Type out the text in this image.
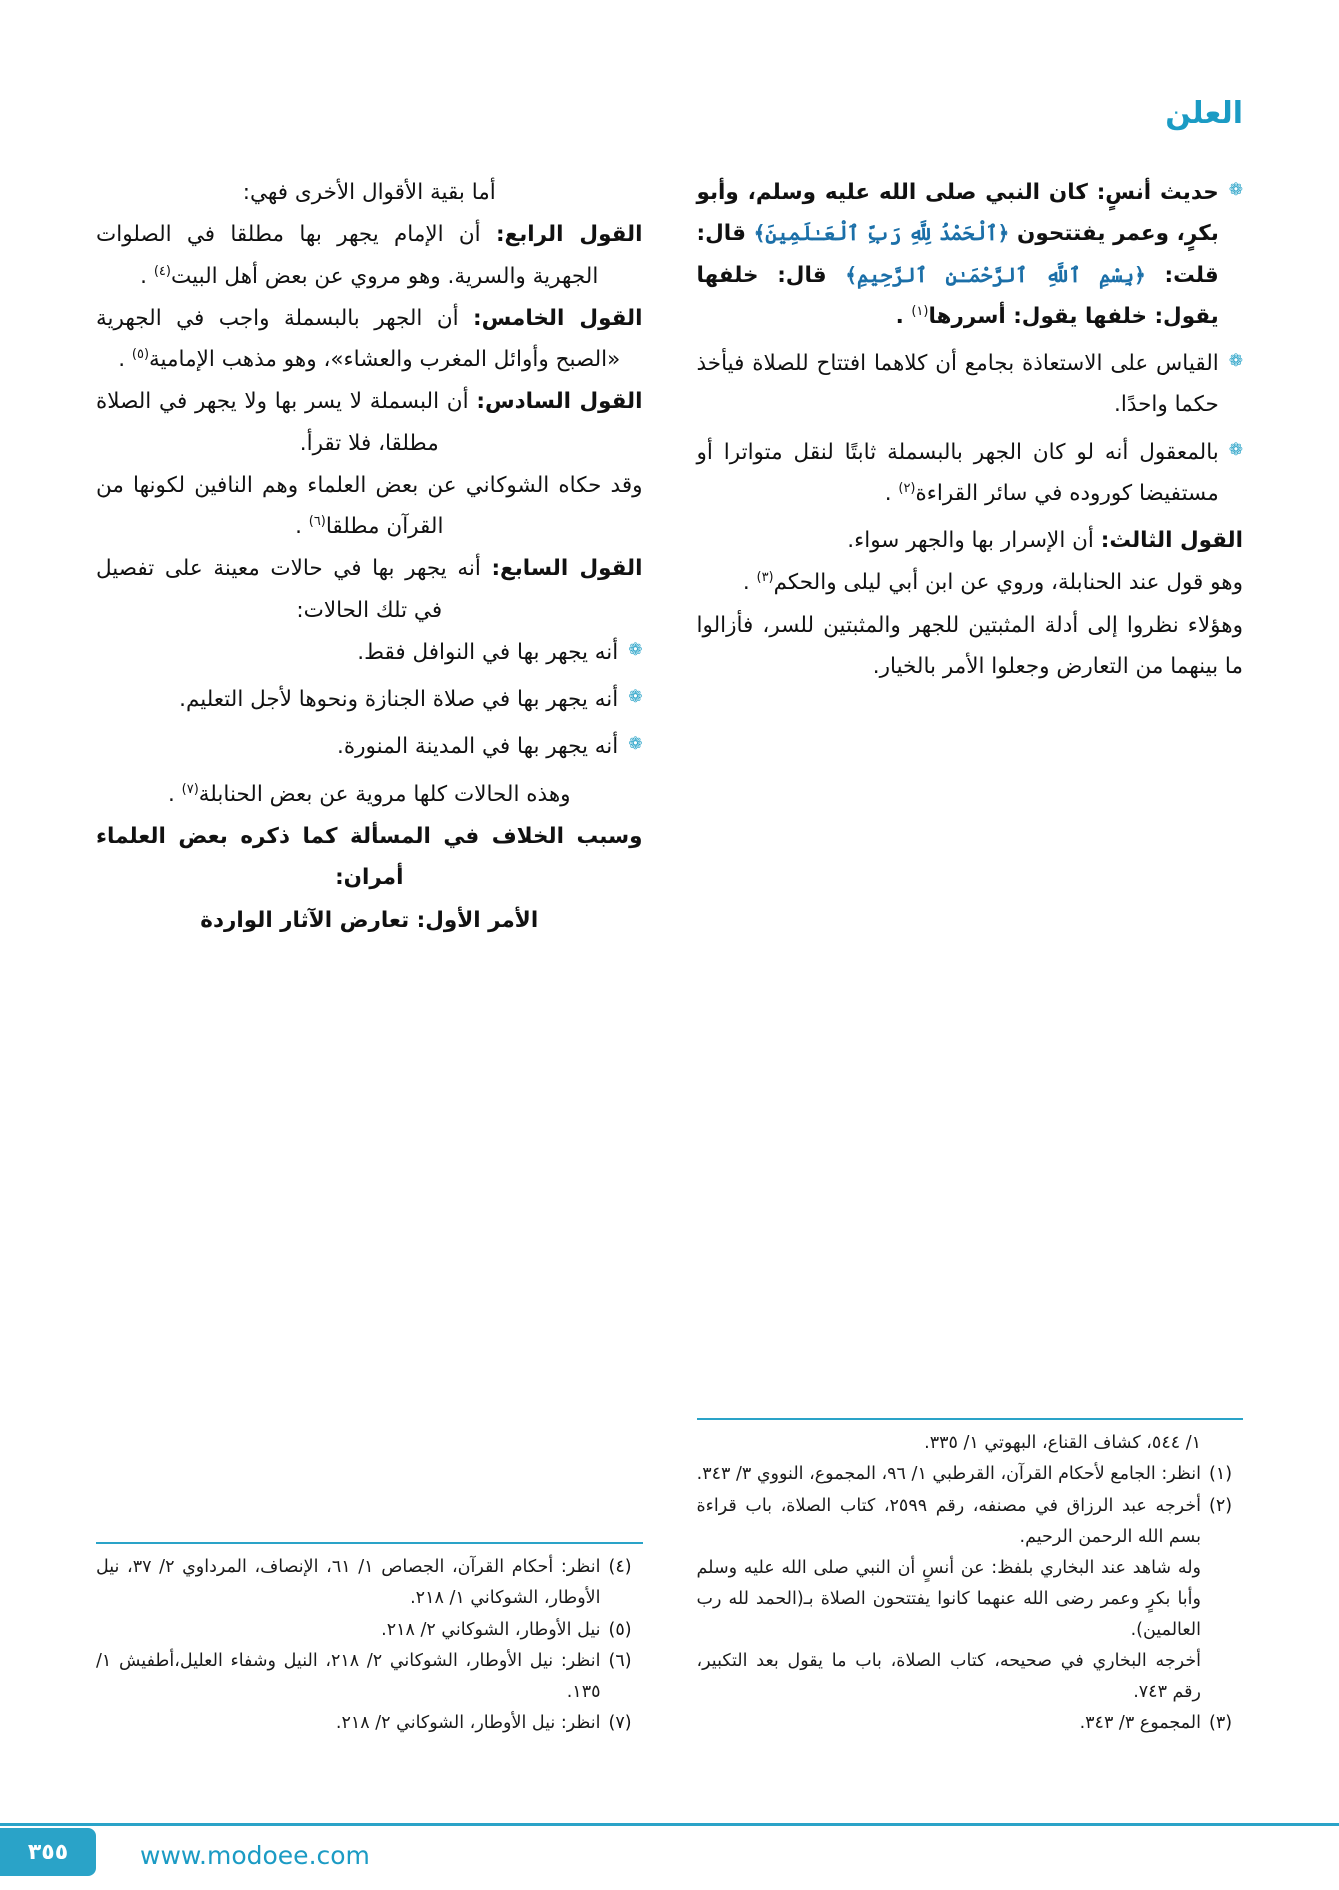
العلن
❁
حديث أنسٍ: كان النبي صلى الله عليه وسلم، وأبو بكرٍ، وعمر يفتتحون ﴿ٱلْحَمْدُ لِلَّهِ رَبِّ ٱلْعَـٰلَمِينَ﴾ قال: قلت: ﴿بِسْمِ ٱللَّهِ ٱلرَّحْمَـٰنِ ٱلرَّحِيمِ﴾ قال: خلفها يقول: خلفها يقول: أسررها$^{(١)}$ .
❁
القياس على الاستعاذة بجامع أن كلاهما افتتاح للصلاة فيأخذ حكما واحدًا.
❁
بالمعقول أنه لو كان الجهر بالبسملة ثابتًا لنقل متواترا أو مستفيضا كوروده في سائر القراءة$^{(٢)}$ .

القول الثالث: أن الإسرار بها والجهر سواء.

وهو قول عند الحنابلة، وروي عن ابن أبي ليلى والحكم$^{(٣)}$ .

وهؤلاء نظروا إلى أدلة المثبتين للجهر والمثبتين للسر، فأزالوا ما بينهما من التعارض وجعلوا الأمر بالخيار.

١/ ٥٤٤، كشاف القناع، البهوتي ١/ ٣٣٥.
(١)
انظر: الجامع لأحكام القرآن، القرطبي ١/ ٩٦، المجموع، النووي ٣/ ٣٤٣.
(٢)
أخرجه عبد الرزاق في مصنفه، رقم ٢٥٩٩، كتاب الصلاة، باب قراءة بسم الله الرحمن الرحيم.
وله شاهد عند البخاري بلفظ: عن أنسٍ أن النبي صلى الله عليه وسلم وأبا بكرٍ وعمر رضى الله عنهما كانوا يفتتحون الصلاة بـ(الحمد لله رب العالمين).
أخرجه البخاري في صحيحه، كتاب الصلاة، باب ما يقول بعد التكبير، رقم ٧٤٣.
(٣)
المجموع ٣/ ٣٤٣.

أما بقية الأقوال الأخرى فهي:

القول الرابع: أن الإمام يجهر بها مطلقا في الصلوات الجهرية والسرية. وهو مروي عن بعض أهل البيت$^{(٤)}$ .

القول الخامس: أن الجهر بالبسملة واجب في الجهرية «الصبح وأوائل المغرب والعشاء»، وهو مذهب الإمامية$^{(٥)}$ .

القول السادس: أن البسملة لا يسر بها ولا يجهر في الصلاة مطلقا، فلا تقرأ.

وقد حكاه الشوكاني عن بعض العلماء وهم النافين لكونها من القرآن مطلقا$^{(٦)}$ .

القول السابع: أنه يجهر بها في حالات معينة على تفصيل في تلك الحالات:

❁
أنه يجهر بها في النوافل فقط.
❁
أنه يجهر بها في صلاة الجنازة ونحوها لأجل التعليم.
❁
أنه يجهر بها في المدينة المنورة.

وهذه الحالات كلها مروية عن بعض الحنابلة$^{(٧)}$ .

وسبب الخلاف في المسألة كما ذكره بعض العلماء أمران:

الأمر الأول: تعارض الآثار الواردة

(٤)
انظر: أحكام القرآن، الجصاص ١/ ٦١، الإنصاف، المرداوي ٢/ ٣٧، نيل الأوطار، الشوكاني ١/ ٢١٨.
(٥)
نيل الأوطار، الشوكاني ٢/ ٢١٨.
(٦)
انظر: نيل الأوطار، الشوكاني ٢/ ٢١٨، النيل وشفاء العليل،أطفيش ١/ ١٣٥.
(٧)
انظر: نيل الأوطار، الشوكاني ٢/ ٢١٨.
٣٥٥	www.modoee.com
